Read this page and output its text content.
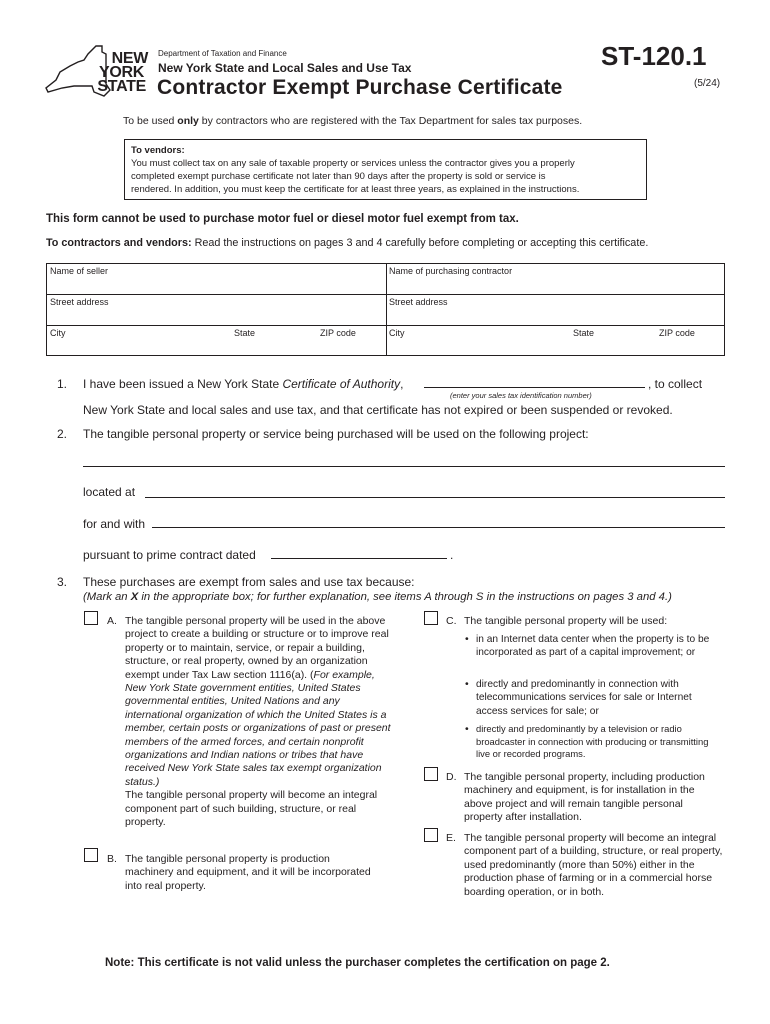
NEW
YORK
STATE
Department of Taxation and Finance
New York State and Local Sales and Use Tax
Contractor Exempt Purchase Certificate
ST-120.1
(5/24)
To be used only by contractors who are registered with the Tax Department for sales tax purposes.
To vendors:
You must collect tax on any sale of taxable property or services unless the contractor gives you a properly
completed exempt purchase certificate not later than 90 days after the property is sold or service is
rendered. In addition, you must keep the certificate for at least three years, as explained in the instructions.
This form cannot be used to purchase motor fuel or diesel motor fuel exempt from tax.
To contractors and vendors: Read the instructions on pages 3 and 4 carefully before completing or accepting this certificate.
Name of seller	Name of purchasing contractor
Street address	Street address
City	State	ZIP code	City	State	ZIP code
1. I have been issued a New York State Certificate of Authority,	, to collect
(enter your sales tax identification number)
New York State and local sales and use tax, and that certificate has not expired or been suspended or revoked.
2. The tangible personal property or service being purchased will be used on the following project:
located at
for and with
pursuant to prime contract dated	.
3. These purchases are exempt from sales and use tax because:
(Mark an X in the appropriate box; for further explanation, see items A through S in the instructions on pages 3 and 4.)
A. The tangible personal property will be used in the above project to create a building or structure or to improve real property or to maintain, service, or repair a building, structure, or real property, owned by an organization exempt under Tax Law section 1116(a). (For example, New York State government entities, United States governmental entities, United Nations and any international organization of which the United States is a member, certain posts or organizations of past or present members of the armed forces, and certain nonprofit organizations and Indian nations or tribes that have received New York State sales tax exempt organization status.)
The tangible personal property will become an integral component part of such building, structure, or real property.
B. The tangible personal property is production machinery and equipment, and it will be incorporated into real property.
C. The tangible personal property will be used:
• in an Internet data center when the property is to be incorporated as part of a capital improvement; or
• directly and predominantly in connection with telecommunications services for sale or Internet access services for sale; or
• directly and predominantly by a television or radio broadcaster in connection with producing or transmitting live or recorded programs.
D. The tangible personal property, including production machinery and equipment, is for installation in the above project and will remain tangible personal property after installation.
E. The tangible personal property will become an integral component part of a building, structure, or real property, used predominantly (more than 50%) either in the production phase of farming or in a commercial horse boarding operation, or in both.
Note: This certificate is not valid unless the purchaser completes the certification on page 2.
